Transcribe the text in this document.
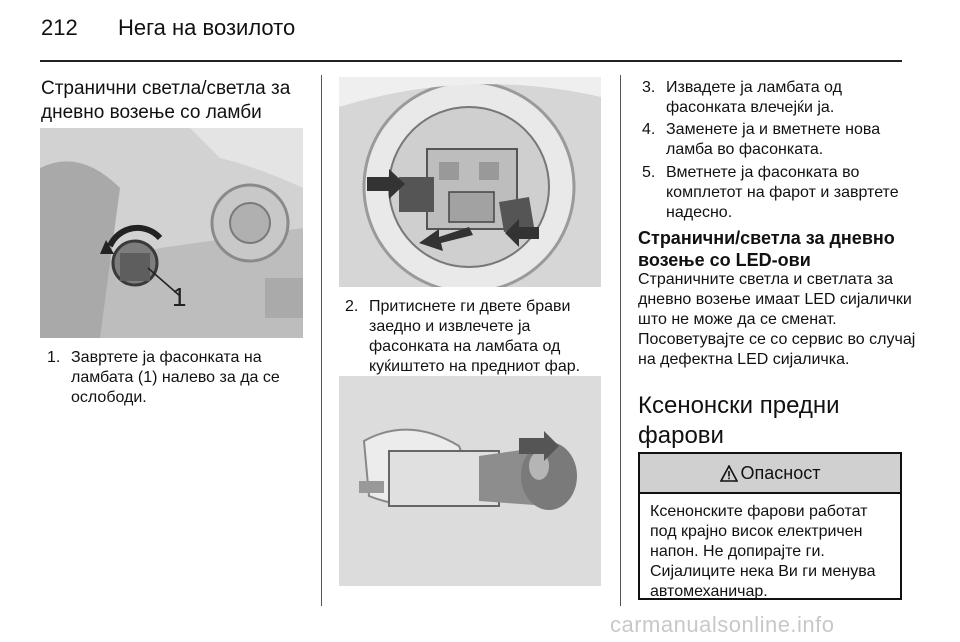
212 Нега на возилото
Странични светла/светла за дневно возење со ламби
1
1. Завртете ја фасонката на ламбата (1) налево за да се ослободи.
2. Притиснете ги двете брави заедно и извлечете ја фасонката на ламбата од куќиштето на предниот фар.
3. Извадете ја ламбата од фасонката влечејќи ја.
4. Заменете ја и вметнете нова ламба во фасонката.
5. Вметнете ја фасонката во комплетот на фарот и завртете надесно.
Странични/светла за дневно возење со LED-ови
Страничните светла и светлата за дневно возење имаат LED сијалички што не може да се сменат. Посоветувајте се со сервис во случај на дефектна LED сијаличка.
Ксенонски предни фарови
Опасност
Ксенонските фарови работат под крајно висок електричен напон. Не допирајте ги. Сијалиците нека Ви ги менува автомеханичар.
carmanualsonline.info
